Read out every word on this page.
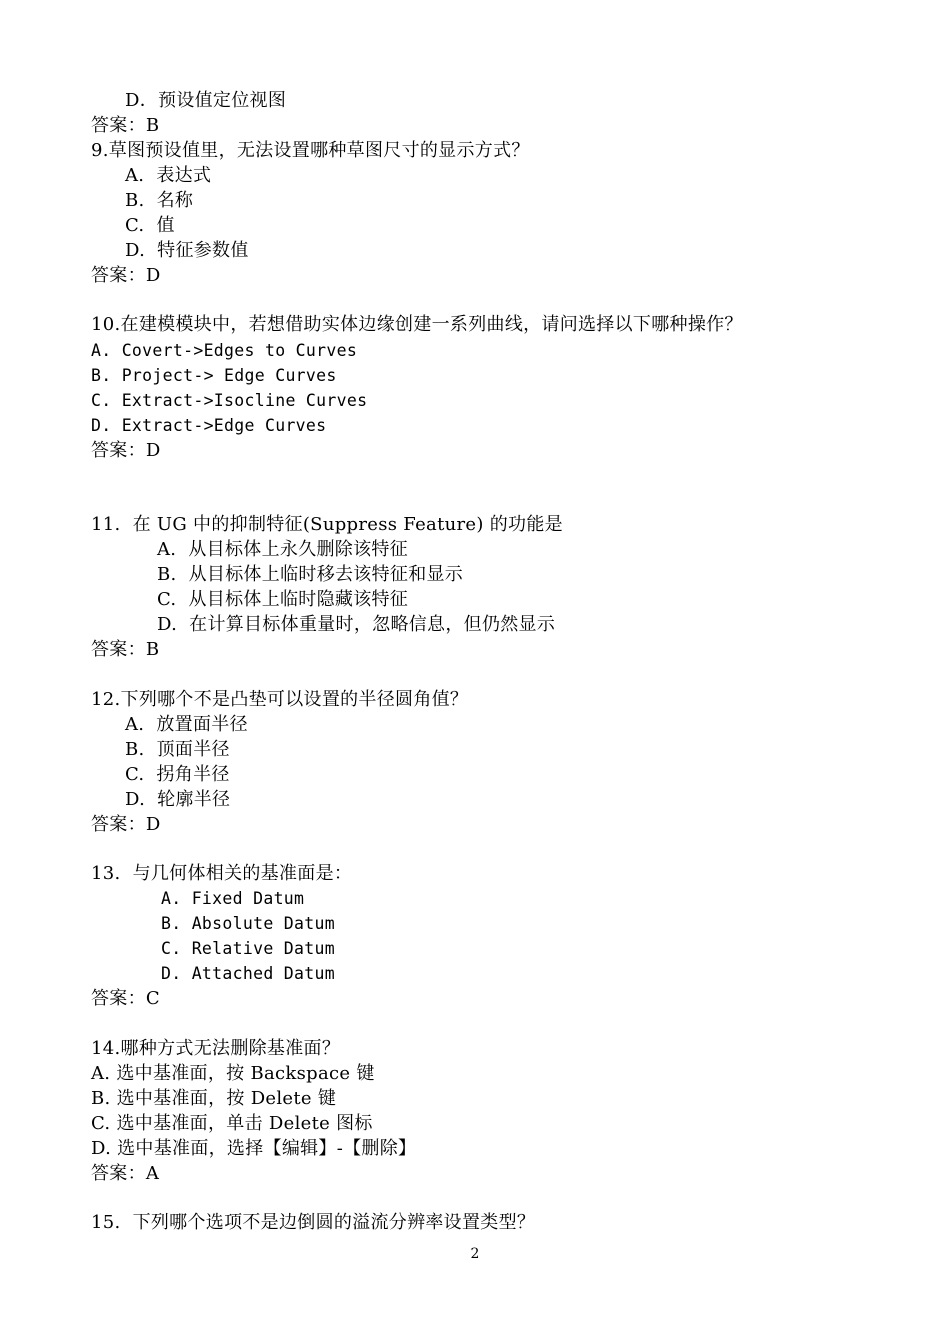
D．预设值定位视图
答案：B
9.草图预设值里，无法设置哪种草图尺寸的显示方式？
A.  表达式
B.  名称
C.  值
D.  特征参数值
答案：D
10.在建模模块中，若想借助实体边缘创建一系列曲线，请问选择以下哪种操作？
A. Covert->Edges to Curves
B. Project-> Edge Curves
C. Extract->Isocline Curves
D. Extract->Edge Curves
答案：D
11.  在 UG 中的抑制特征(Suppress Feature) 的功能是
A.  从目标体上永久删除该特征
B.  从目标体上临时移去该特征和显示
C.  从目标体上临时隐藏该特征
D.  在计算目标体重量时，忽略信息，但仍然显示
答案：B
12.下列哪个不是凸垫可以设置的半径圆角值？
A.  放置面半径
B.  顶面半径
C.  拐角半径
D.  轮廓半径
答案：D
13.  与几何体相关的基准面是：
A. Fixed Datum
B. Absolute Datum
C. Relative Datum
D. Attached Datum
答案：C
14.哪种方式无法删除基准面？
A. 选中基准面，按 Backspace 键
B. 选中基准面，按 Delete 键
C. 选中基准面，单击 Delete 图标
D. 选中基准面，选择【编辑】-【删除】
答案：A
15.  下列哪个选项不是边倒圆的溢流分辨率设置类型？
2
